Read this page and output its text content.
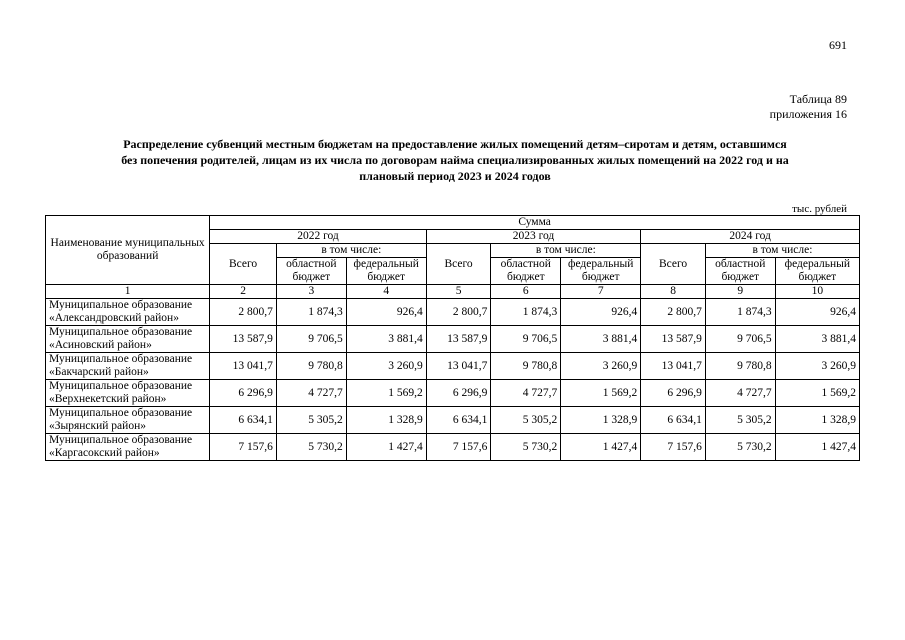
691
Таблица 89
приложения 16
Распределение субвенций местным бюджетам на предоставление жилых помещений детям–сиротам и детям, оставшимся
без попечения родителей, лицам из их числа по договорам найма специализированных жилых помещений на 2022 год и на
плановый период 2023 и 2024 годов
тыс. рублей
Наименование муниципальных образований	Сумма								
	2022 год			2023 год			2024 год		
	Всего	в том числе:		Всего	в том числе:		Всего	в том числе:	
		областной бюджет	федеральный бюджет		областной бюджет	федеральный бюджет		областной бюджет	федеральный бюджет
1	2	3	4	5	6	7	8	9	10
Муниципальное образование «Александровский район»	2 800,7	1 874,3	926,4	2 800,7	1 874,3	926,4	2 800,7	1 874,3	926,4
Муниципальное образование «Асиновский район»	13 587,9	9 706,5	3 881,4	13 587,9	9 706,5	3 881,4	13 587,9	9 706,5	3 881,4
Муниципальное образование «Бакчарский район»	13 041,7	9 780,8	3 260,9	13 041,7	9 780,8	3 260,9	13 041,7	9 780,8	3 260,9
Муниципальное образование «Верхнекетский район»	6 296,9	4 727,7	1 569,2	6 296,9	4 727,7	1 569,2	6 296,9	4 727,7	1 569,2
Муниципальное образование «Зырянский район»	6 634,1	5 305,2	1 328,9	6 634,1	5 305,2	1 328,9	6 634,1	5 305,2	1 328,9
Муниципальное образование «Каргасокский район»	7 157,6	5 730,2	1 427,4	7 157,6	5 730,2	1 427,4	7 157,6	5 730,2	1 427,4
